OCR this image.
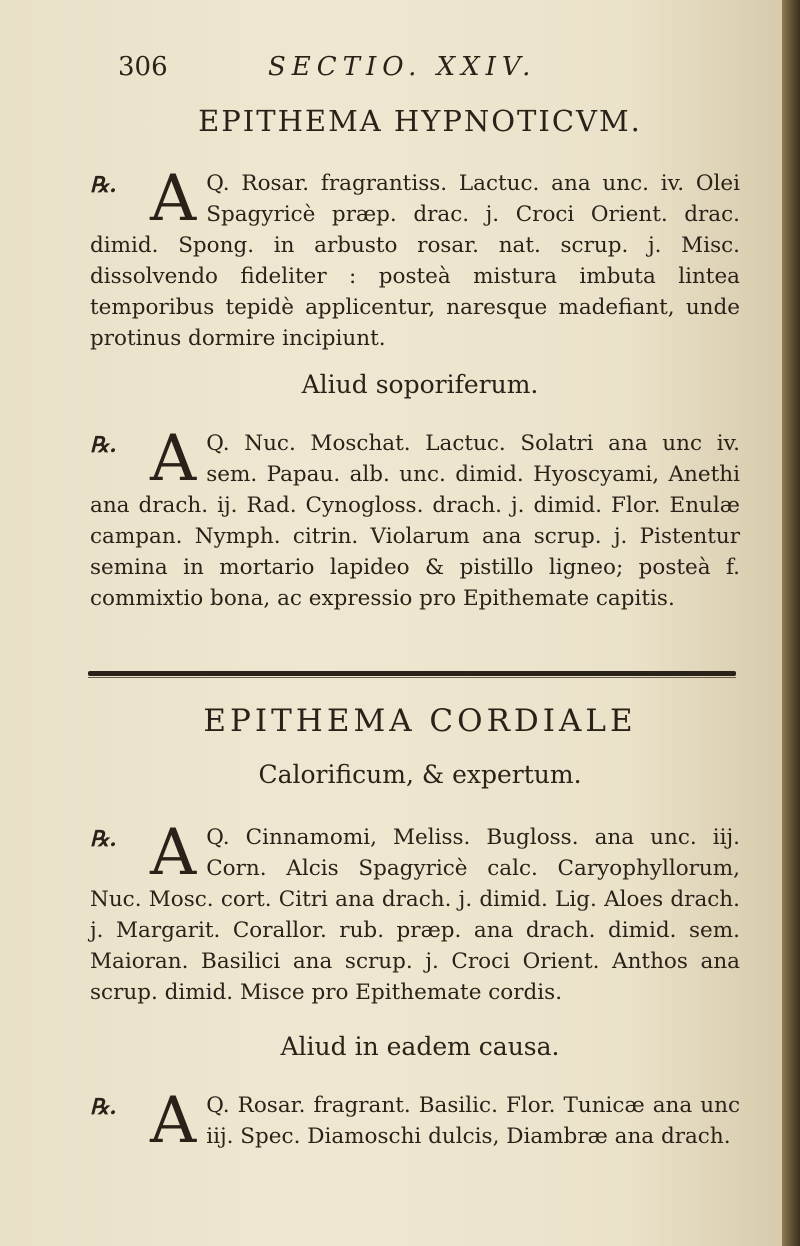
306	SECTIO. XXIV.
EPITHEMA HYPNOTICVM.
℞. A Q. Rosar. fragrantiss. Lactuc. ana unc. iv. Olei Spagyricè præp. drac. j. Croci Orient. drac. dimid. Spong. in arbusto rosar. nat. scrup. j. Misc. dissolvendo fideliter : posteà mistura imbuta lintea temporibus tepidè applicentur, naresque madefiant, unde protinus dormire incipiunt.

Aliud soporiferum.
℞. A Q. Nuc. Moschat. Lactuc. Solatri ana unc iv. sem. Papau. alb. unc. dimid. Hyoscyami, Anethi ana drach. ij. Rad. Cynogloss. drach. j. dimid. Flor. Enulæ campan. Nymph. citrin. Violarum ana scrup. j. Pistentur semina in mortario lapideo & pistillo ligneo; posteà f. commixtio bona, ac expressio pro Epithemate capitis.

EPITHEMA CORDIALE
Calorificum, & expertum.
℞. A Q. Cinnamomi, Meliss. Bugloss. ana unc. iij. Corn. Alcis Spagyricè calc. Caryophyllorum, Nuc. Mosc. cort. Citri ana drach. j. dimid. Lig. Aloes drach. j. Margarit. Corallor. rub. præp. ana drach. dimid. sem. Maioran. Basilici ana scrup. j. Croci Orient. Anthos ana scrup. dimid. Misce pro Epithemate cordis.

Aliud in eadem causa.
℞. A Q. Rosar. fragrant. Basilic. Flor. Tunicæ ana unc iij. Spec. Diamoschi dulcis, Diambræ ana drach.
